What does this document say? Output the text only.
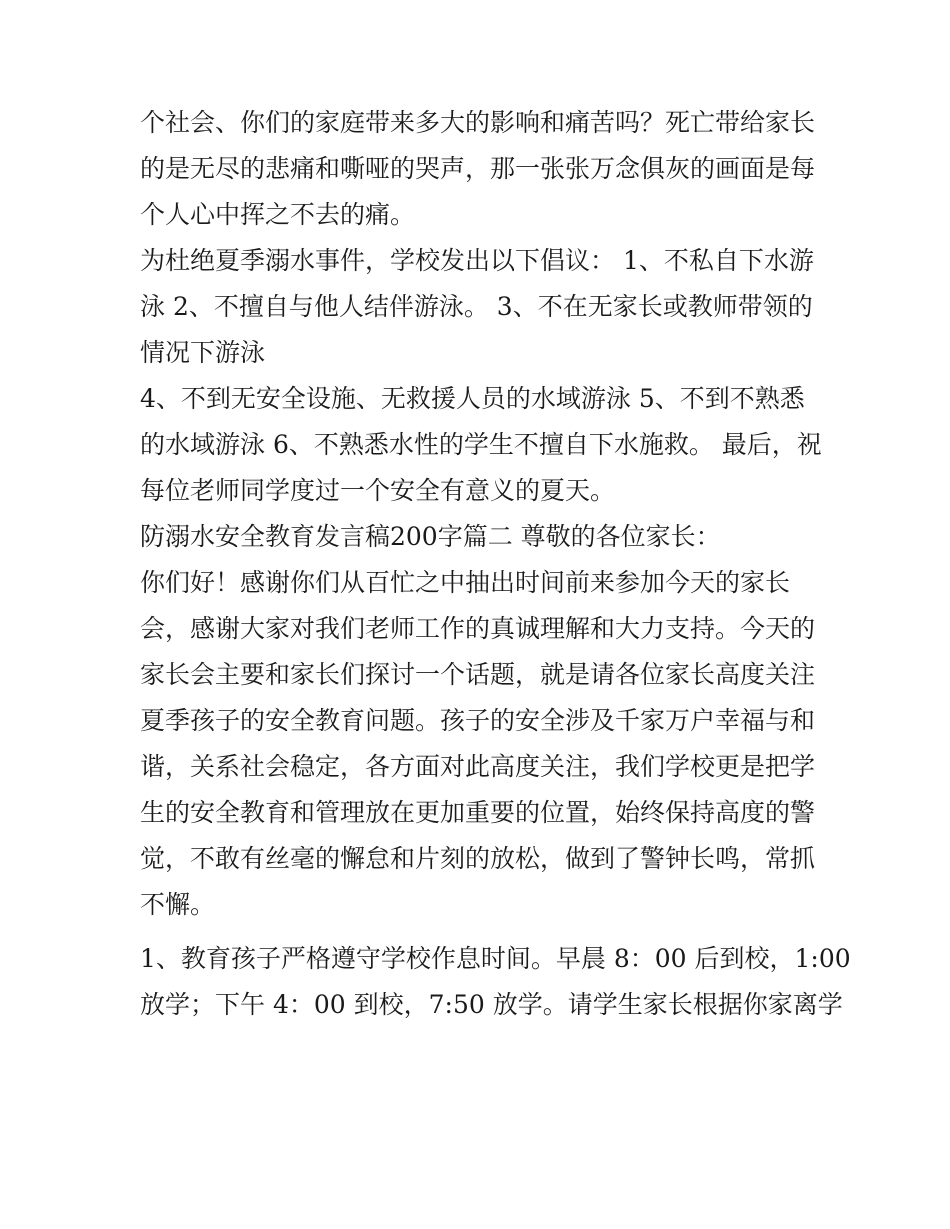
个社会、你们的家庭带来多大的影响和痛苦吗？死亡带给家长
的是无尽的悲痛和嘶哑的哭声，那一张张万念俱灰的画面是每
个人心中挥之不去的痛。
为杜绝夏季溺水事件，学校发出以下倡议： 1、不私自下水游
泳 2、不擅自与他人结伴游泳。 3、不在无家长或教师带领的
情况下游泳
4、不到无安全设施、无救援人员的水域游泳 5、不到不熟悉
的水域游泳 6、不熟悉水性的学生不擅自下水施救。 最后，祝
每位老师同学度过一个安全有意义的夏天。
防溺水安全教育发言稿200字篇二 尊敬的各位家长：
你们好！感谢你们从百忙之中抽出时间前来参加今天的家长
会，感谢大家对我们老师工作的真诚理解和大力支持。今天的
家长会主要和家长们探讨一个话题，就是请各位家长高度关注
夏季孩子的安全教育问题。孩子的安全涉及千家万户幸福与和
谐，关系社会稳定，各方面对此高度关注，我们学校更是把学
生的安全教育和管理放在更加重要的位置，始终保持高度的警
觉，不敢有丝毫的懈怠和片刻的放松，做到了警钟长鸣，常抓
不懈。
1、教育孩子严格遵守学校作息时间。早晨 8：00 后到校，1:00
放学；下午 4：00 到校，7:50 放学。请学生家长根据你家离学
